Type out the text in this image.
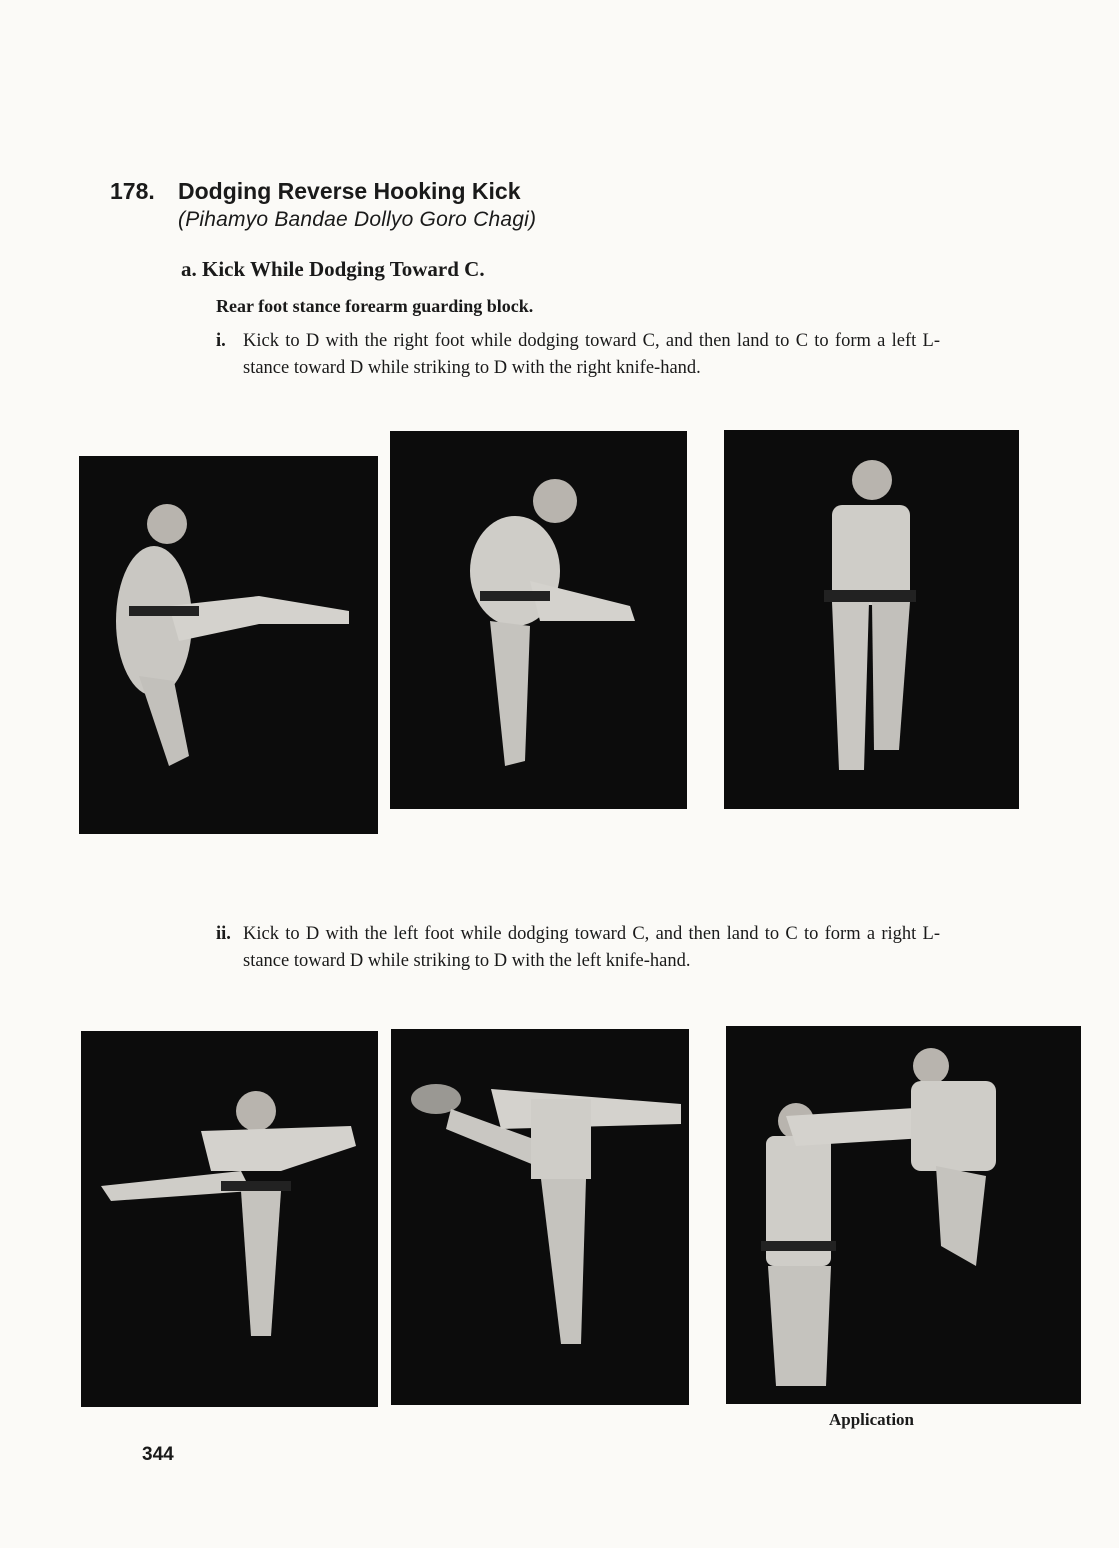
178. Dodging Reverse Hooking Kick
(Pihamyo Bandae Dollyo Goro Chagi)
a. Kick While Dodging Toward C.
Rear foot stance forearm guarding block.
i. Kick to D with the right foot while dodging toward C, and then land to C to form a left L-stance toward D while striking to D with the right knife-hand.
ii. Kick to D with the left foot while dodging toward C, and then land to C to form a right L-stance toward D while striking to D with the left knife-hand.
Application
344
